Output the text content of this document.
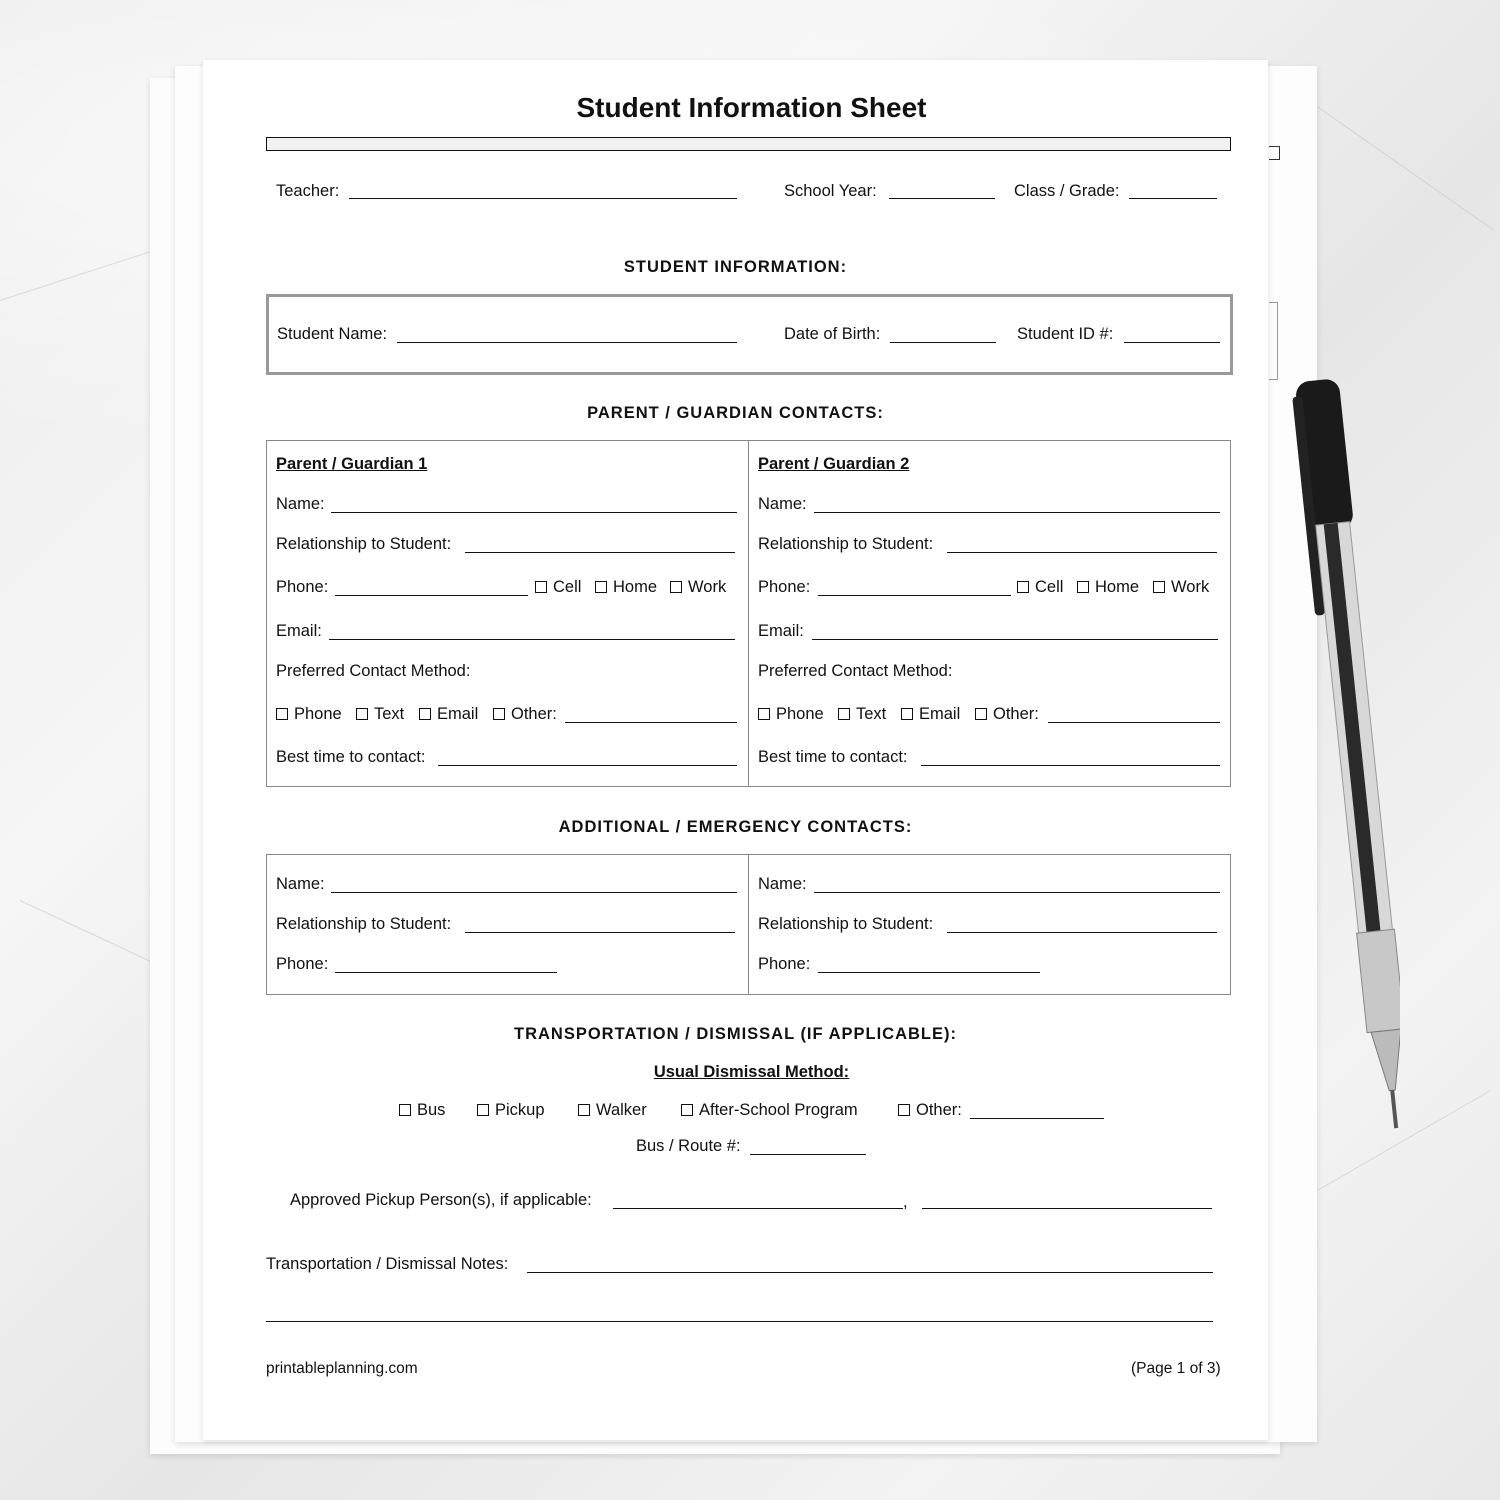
Student Information Sheet
Teacher:	School Year:	Class / Grade:
STUDENT INFORMATION:
Student Name:	Date of Birth:	Student ID #:
PARENT / GUARDIAN CONTACTS:
Parent / Guardian 1
Name:
Relationship to Student:
Phone:	Cell	Home	Work
Email:
Preferred Contact Method:
Phone	Text	Email	Other:
Best time to contact:
Parent / Guardian 2
Name:
Relationship to Student:
Phone:	Cell	Home	Work
Email:
Preferred Contact Method:
Phone	Text	Email	Other:
Best time to contact:
ADDITIONAL / EMERGENCY CONTACTS:
Name:
Relationship to Student:
Phone:
Name:
Relationship to Student:
Phone:
TRANSPORTATION / DISMISSAL (IF APPLICABLE):
Usual Dismissal Method:
Bus	Pickup	Walker	After-School Program	Other:
Bus / Route #:
Approved Pickup Person(s), if applicable:	,
Transportation / Dismissal Notes:
printableplanning.com	(Page 1 of 3)
